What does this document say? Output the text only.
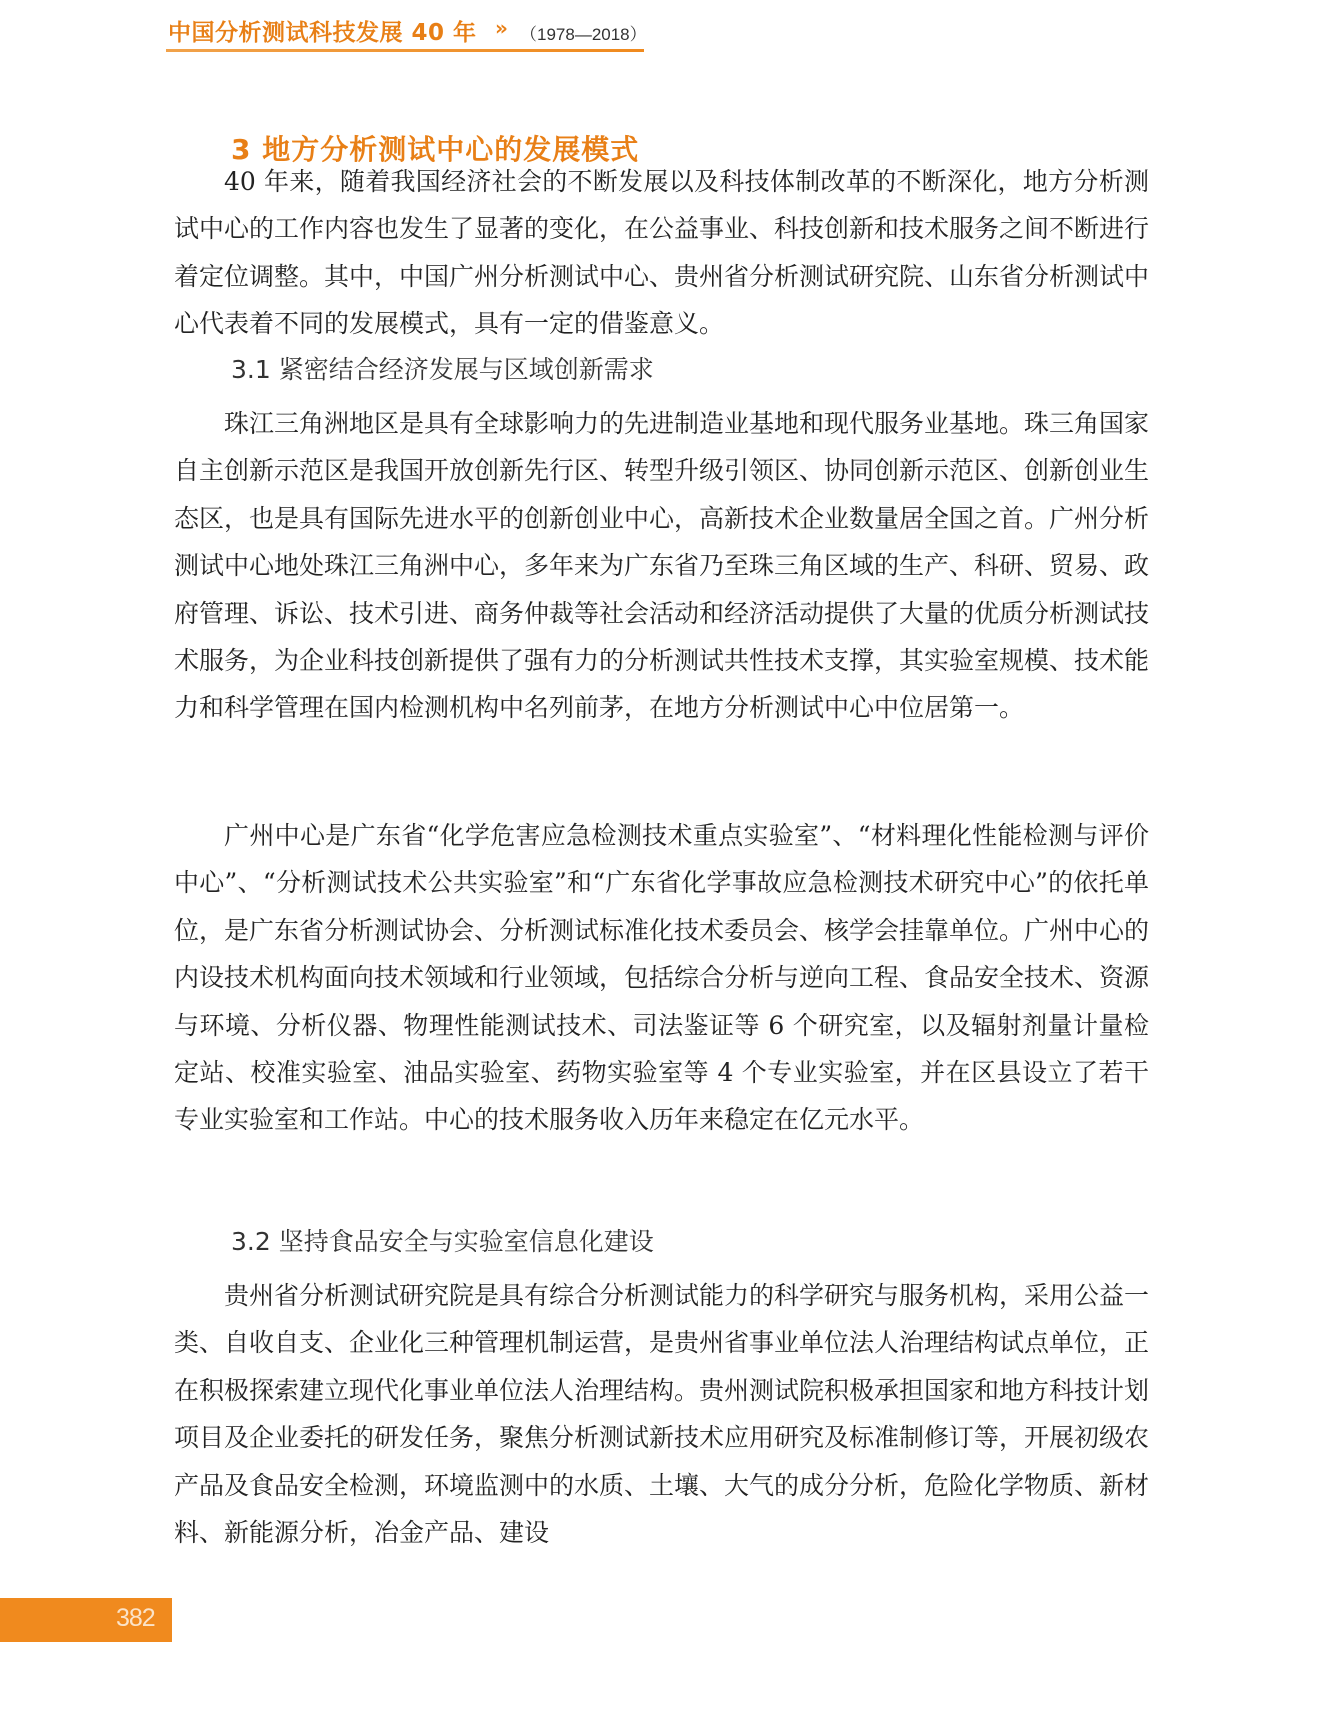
中国分析测试科技发展 40 年 » （1978—2018）
3 地方分析测试中心的发展模式

40 年来，随着我国经济社会的不断发展以及科技体制改革的不断深化，地方分析测试中心的工作内容也发生了显著的变化，在公益事业、科技创新和技术服务之间不断进行着定位调整。其中，中国广州分析测试中心、贵州省分析测试研究院、山东省分析测试中心代表着不同的发展模式，具有一定的借鉴意义。

3.1 紧密结合经济发展与区域创新需求

珠江三角洲地区是具有全球影响力的先进制造业基地和现代服务业基地。珠三角国家自主创新示范区是我国开放创新先行区、转型升级引领区、协同创新示范区、创新创业生态区，也是具有国际先进水平的创新创业中心，高新技术企业数量居全国之首。广州分析测试中心地处珠江三角洲中心，多年来为广东省乃至珠三角区域的生产、科研、贸易、政府管理、诉讼、技术引进、商务仲裁等社会活动和经济活动提供了大量的优质分析测试技术服务，为企业科技创新提供了强有力的分析测试共性技术支撑，其实验室规模、技术能力和科学管理在国内检测机构中名列前茅，在地方分析测试中心中位居第一。

广州中心是广东省“化学危害应急检测技术重点实验室”、“材料理化性能检测与评价中心”、“分析测试技术公共实验室”和“广东省化学事故应急检测技术研究中心”的依托单位，是广东省分析测试协会、分析测试标准化技术委员会、核学会挂靠单位。广州中心的内设技术机构面向技术领域和行业领域，包括综合分析与逆向工程、食品安全技术、资源与环境、分析仪器、物理性能测试技术、司法鉴证等 6 个研究室，以及辐射剂量计量检定站、校准实验室、油品实验室、药物实验室等 4 个专业实验室，并在区县设立了若干专业实验室和工作站。中心的技术服务收入历年来稳定在亿元水平。

3.2 坚持食品安全与实验室信息化建设

贵州省分析测试研究院是具有综合分析测试能力的科学研究与服务机构，采用公益一类、自收自支、企业化三种管理机制运营，是贵州省事业单位法人治理结构试点单位，正在积极探索建立现代化事业单位法人治理结构。贵州测试院积极承担国家和地方科技计划项目及企业委托的研发任务，聚焦分析测试新技术应用研究及标准制修订等，开展初级农产品及食品安全检测，环境监测中的水质、土壤、大气的成分分析，危险化学物质、新材料、新能源分析，冶金产品、建设

382
